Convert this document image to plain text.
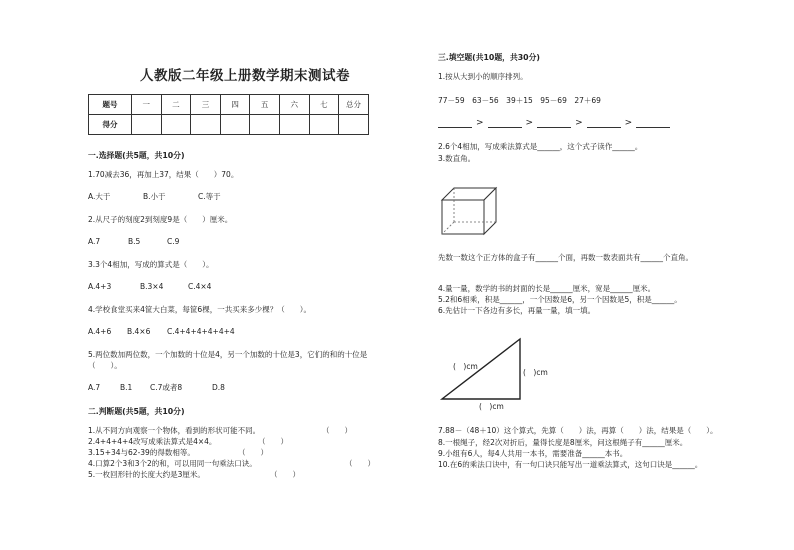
人教版二年级上册数学期末测试卷
题号	一	二	三	四	五	六	七	总分
得分								
一.选择题(共5题，共10分)
1.70减去36，再加上37，结果（　　）70。
A.大于	B.小于	C.等于
2.从尺子的刻度2到刻度9是（　　）厘米。
A.7	B.5	C.9
3.3个4相加，写成的算式是（　　）。
A.4+3	B.3×4	C.4×4
4.学校食堂买来4筐大白菜，每筐6棵，一共买来多少棵？（　　）。
A.4+6 B.4×6 C.4+4+4+4+4+4
5.两位数加两位数，一个加数的十位是4，另一个加数的十位是3，它们的和的十位是
（　　）。
A.7	B.1 C.7或者8	D.8
二.判断题(共5题，共10分)
1.从不同方向观察一个物体，看到的形状可能不同。	（　　）
2.4+4+4+4改写成乘法算式是4×4。	（　　）
3.15+34与62-39的得数相等。	（　　）
4.口算2个3和3个2的和，可以用同一句乘法口诀。	（　　）
5.一枚回形针的长度大约是3厘米。	（　　）
三.填空题(共10题，共30分)
1.按从大到小的顺序排列。
77－59　63－56　39＋15　95－69　27＋69
>	>	>	>
2.6个4相加，写成乘法算式是______，这个式子读作______。
3.数直角。
先数一数这个正方体的盒子有______个面，再数一数表面共有______个直角。
4.量一量，数学的书的封面的长是______厘米，宽是______厘米。
5.2和6相乘，积是______，一个因数是6，另一个因数是5，积是______。
6.先估计一下各边有多长，再量一量，填一填。
(　)cm
(　)cm
(　)cm
7.88－（48＋10）这个算式，先算（　　）法，再算（　　）法，结果是（　　）。
8.一根绳子，经2次对折后，量得长度是8厘米，问这根绳子有______厘米。
9.小组有6人，每4人共用一本书，需要准备______本书。
10.在6的乘法口诀中，有一句口诀只能写出一道乘法算式，这句口诀是______。
